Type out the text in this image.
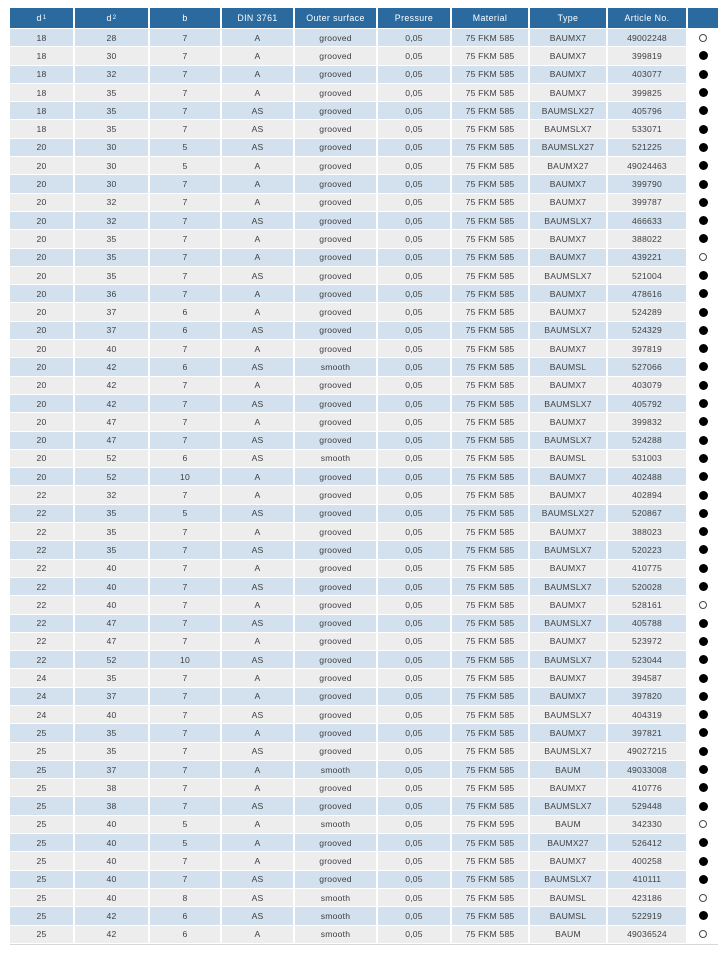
d 1	d 2	b	DIN 3761	Outer surface	Pressure	Material	Type	Article No.
18	28	7	A	grooved	0,05	75 FKM 585	BAUMX7	49002248
18	30	7	A	grooved	0,05	75 FKM 585	BAUMX7	399819
18	32	7	A	grooved	0,05	75 FKM 585	BAUMX7	403077
18	35	7	A	grooved	0,05	75 FKM 585	BAUMX7	399825
18	35	7	AS	grooved	0,05	75 FKM 585	BAUMSLX27	405796
18	35	7	AS	grooved	0,05	75 FKM 585	BAUMSLX7	533071
20	30	5	AS	grooved	0,05	75 FKM 585	BAUMSLX27	521225
20	30	5	A	grooved	0,05	75 FKM 585	BAUMX27	49024463
20	30	7	A	grooved	0,05	75 FKM 585	BAUMX7	399790
20	32	7	A	grooved	0,05	75 FKM 585	BAUMX7	399787
20	32	7	AS	grooved	0,05	75 FKM 585	BAUMSLX7	466633
20	35	7	A	grooved	0,05	75 FKM 585	BAUMX7	388022
20	35	7	A	grooved	0,05	75 FKM 585	BAUMX7	439221
20	35	7	AS	grooved	0,05	75 FKM 585	BAUMSLX7	521004
20	36	7	A	grooved	0,05	75 FKM 585	BAUMX7	478616
20	37	6	A	grooved	0,05	75 FKM 585	BAUMX7	524289
20	37	6	AS	grooved	0,05	75 FKM 585	BAUMSLX7	524329
20	40	7	A	grooved	0,05	75 FKM 585	BAUMX7	397819
20	42	6	AS	smooth	0,05	75 FKM 585	BAUMSL	527066
20	42	7	A	grooved	0,05	75 FKM 585	BAUMX7	403079
20	42	7	AS	grooved	0,05	75 FKM 585	BAUMSLX7	405792
20	47	7	A	grooved	0,05	75 FKM 585	BAUMX7	399832
20	47	7	AS	grooved	0,05	75 FKM 585	BAUMSLX7	524288
20	52	6	AS	smooth	0,05	75 FKM 585	BAUMSL	531003
20	52	10	A	grooved	0,05	75 FKM 585	BAUMX7	402488
22	32	7	A	grooved	0,05	75 FKM 585	BAUMX7	402894
22	35	5	AS	grooved	0,05	75 FKM 585	BAUMSLX27	520867
22	35	7	A	grooved	0,05	75 FKM 585	BAUMX7	388023
22	35	7	AS	grooved	0,05	75 FKM 585	BAUMSLX7	520223
22	40	7	A	grooved	0,05	75 FKM 585	BAUMX7	410775
22	40	7	AS	grooved	0,05	75 FKM 585	BAUMSLX7	520028
22	40	7	A	grooved	0,05	75 FKM 585	BAUMX7	528161
22	47	7	AS	grooved	0,05	75 FKM 585	BAUMSLX7	405788
22	47	7	A	grooved	0,05	75 FKM 585	BAUMX7	523972
22	52	10	AS	grooved	0,05	75 FKM 585	BAUMSLX7	523044
24	35	7	A	grooved	0,05	75 FKM 585	BAUMX7	394587
24	37	7	A	grooved	0,05	75 FKM 585	BAUMX7	397820
24	40	7	AS	grooved	0,05	75 FKM 585	BAUMSLX7	404319
25	35	7	A	grooved	0,05	75 FKM 585	BAUMX7	397821
25	35	7	AS	grooved	0,05	75 FKM 585	BAUMSLX7	49027215
25	37	7	A	smooth	0,05	75 FKM 585	BAUM	49033008
25	38	7	A	grooved	0,05	75 FKM 585	BAUMX7	410776
25	38	7	AS	grooved	0,05	75 FKM 585	BAUMSLX7	529448
25	40	5	A	smooth	0,05	75 FKM 595	BAUM	342330
25	40	5	A	grooved	0,05	75 FKM 585	BAUMX27	526412
25	40	7	A	grooved	0,05	75 FKM 585	BAUMX7	400258
25	40	7	AS	grooved	0,05	75 FKM 585	BAUMSLX7	410111
25	40	8	AS	smooth	0,05	75 FKM 585	BAUMSL	423186
25	42	6	AS	smooth	0,05	75 FKM 585	BAUMSL	522919
25	42	6	A	smooth	0,05	75 FKM 585	BAUM	49036524
